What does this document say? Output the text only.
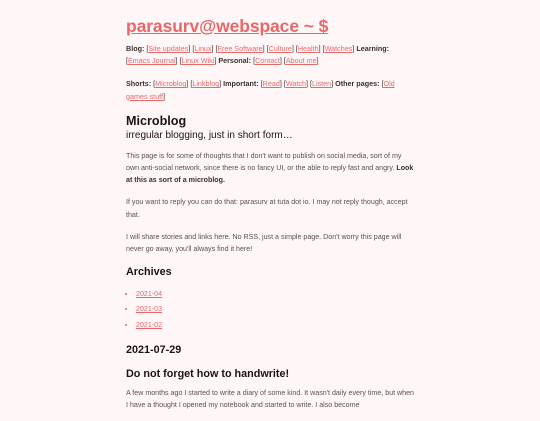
parasurv@webspace ~ $
Blog: [Site updates] [Linux] [Free Software] [Culture] [Health] [Watches] Learning: [Emacs Journal] [Linux Wiki] Personal: [Contact] [About me]
Shorts: [Microblog] [Linkblog] Important: [Read] [Watch] [Listen] Other pages: [Old games stuff]
Microblog
irregular blogging, just in short form…

This page is for some of thoughts that I don't want to publish on social media, sort of my own anti-social network, since there is no fancy UI, or the able to reply fast and angry. Look at this as sort of a microblog.

If you want to reply you can do that: parasurv at tuta dot io. I may not reply though, accept that.

I will share stories and links here. No RSS, just a simple page. Don't worry this page will never go away, you'll always find it here!

Archives
• 2021-04
• 2021-03
• 2021-02
2021-07-29
Do not forget how to handwrite!

A few months ago I started to write a diary of some kind. It wasn't daily every time, but when I have a thought I opened my notebook and started to write. I also become
